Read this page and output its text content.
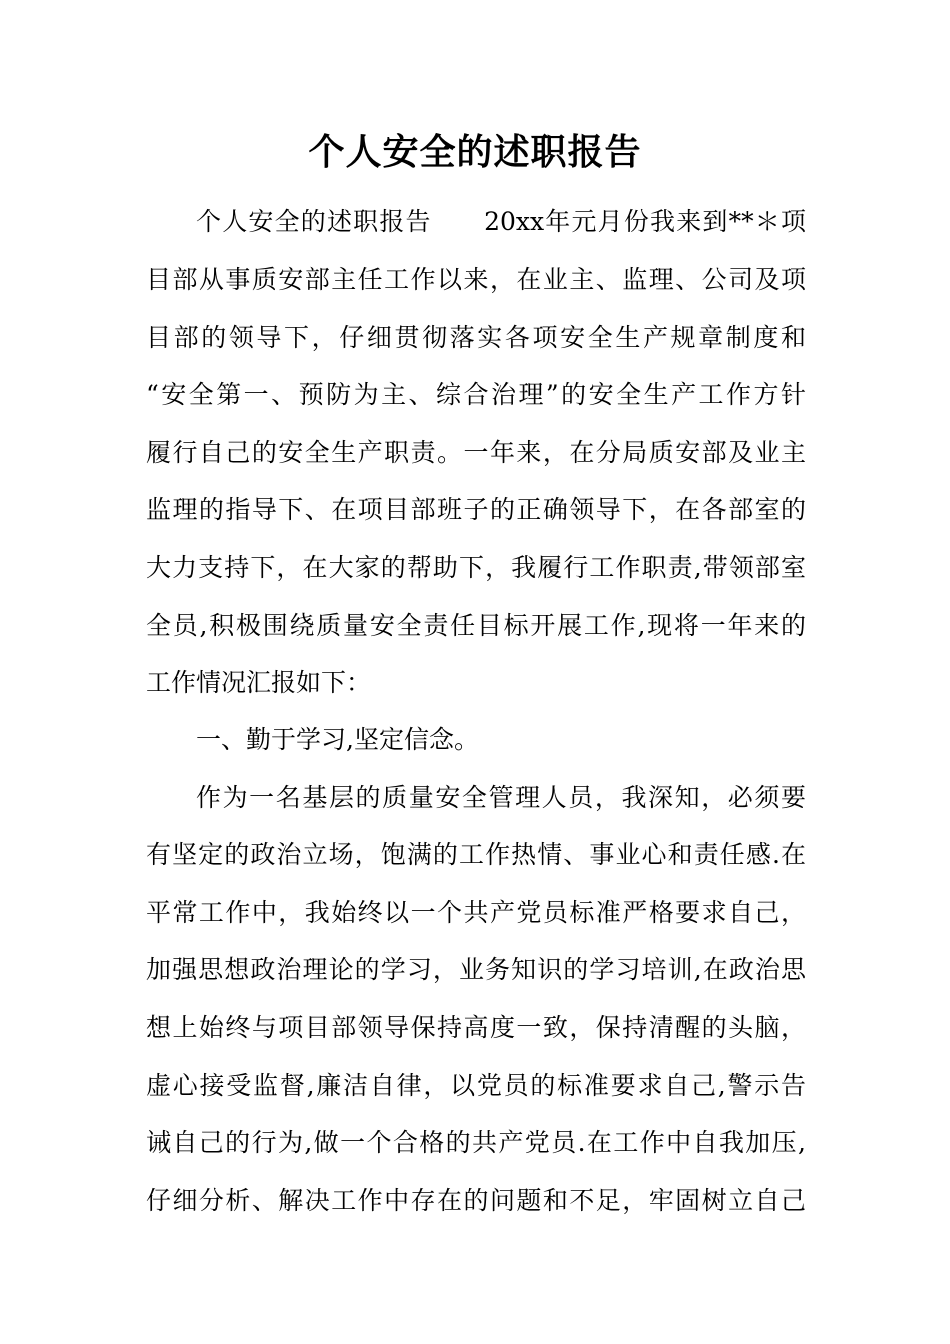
个人安全的述职报告
个人安全的述职报告　　20xx年元月份我来到**＊项
目部从事质安部主任工作以来，在业主、监理、公司及项
目部的领导下，仔细贯彻落实各项安全生产规章制度和
“安全第一、预防为主、综合治理”的安全生产工作方针
履行自己的安全生产职责。一年来，在分局质安部及业主
监理的指导下、在项目部班子的正确领导下，在各部室的
大力支持下，在大家的帮助下，我履行工作职责,带领部室
全员,积极围绕质量安全责任目标开展工作,现将一年来的
工作情况汇报如下：
一、勤于学习,坚定信念。
作为一名基层的质量安全管理人员，我深知，必须要
有坚定的政治立场，饱满的工作热情、事业心和责任感.在
平常工作中，我始终以一个共产党员标准严格要求自己，
加强思想政治理论的学习，业务知识的学习培训,在政治思
想上始终与项目部领导保持高度一致，保持清醒的头脑，
虚心接受监督,廉洁自律，以党员的标准要求自己,警示告
诫自己的行为,做一个合格的共产党员.在工作中自我加压,
仔细分析、解决工作中存在的问题和不足，牢固树立自己
